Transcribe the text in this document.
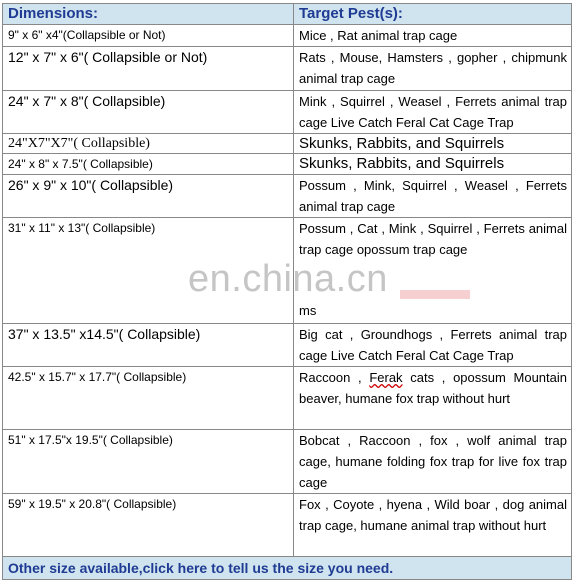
Dimensions:	Target Pest(s):
9" x 6" x4"(Collapsible or Not)	Mice , Rat animal trap cage
12" x 7" x 6"( Collapsible or Not)	Rats , Mouse, Hamsters , gopher , chipmunk animal trap cage
24" x 7" x 8"( Collapsible)	Mink , Squirrel , Weasel , Ferrets animal trap cage Live Catch Feral Cat Cage Trap
24"X7"X7"( Collapsible)	Skunks, Rabbits, and Squirrels
24" x 8" x 7.5"( Collapsible)	Skunks, Rabbits, and Squirrels
26" x 9" x 10"( Collapsible)	Possum , Mink, Squirrel , Weasel , Ferrets animal trap cage
31" x 11" x 13"( Collapsible)	Possum , Cat , Mink , Squirrel , Ferrets animal trap cage opossum trap cage
ms

37" x 13.5" x14.5"( Collapsible)	Big cat , Groundhogs , Ferrets animal trap cage Live Catch Feral Cat Cage Trap
42.5" x 15.7" x 17.7"( Collapsible)	Raccoon , Ferak cats , opossum Mountain beaver, humane fox trap without hurt
51" x 17.5"x 19.5"( Collapsible)	Bobcat , Raccoon , fox , wolf animal trap cage, humane folding fox trap for live fox trap cage
59" x 19.5" x 20.8"( Collapsible)	Fox , Coyote , hyena , Wild boar , dog animal trap cage, humane animal trap without hurt
Other size available,click here to tell us the size you need.	
en.china.cn
